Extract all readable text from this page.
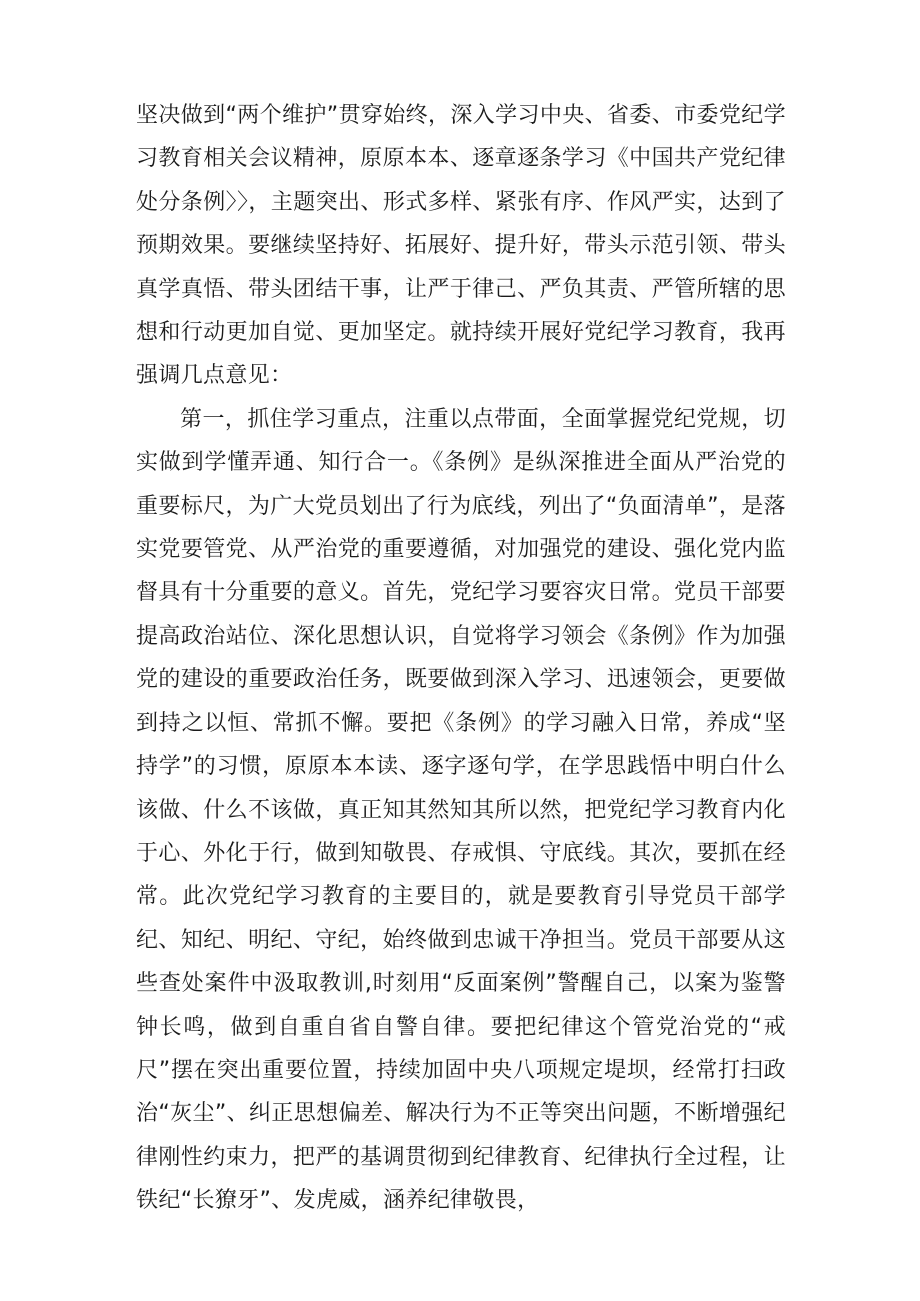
坚决做到“两个维护”贯穿始终，深入学习中央、省委、市委党纪学习教育相关会议精神，原原本本、逐章逐条学习《中国共产党纪律处分条例〉〉，主题突出、形式多样、紧张有序、作风严实，达到了预期效果。要继续坚持好、拓展好、提升好，带头示范引领、带头真学真悟、带头团结干事，让严于律己、严负其责、严管所辖的思想和行动更加自觉、更加坚定。就持续开展好党纪学习教育，我再强调几点意见：

第一，抓住学习重点，注重以点带面，全面掌握党纪党规，切实做到学懂弄通、知行合一。《条例》是纵深推进全面从严治党的重要标尺，为广大党员划出了行为底线，列出了“负面清单”，是落实党要管党、从严治党的重要遵循，对加强党的建设、强化党内监督具有十分重要的意义。首先，党纪学习要容灾日常。党员干部要提高政治站位、深化思想认识，自觉将学习领会《条例》作为加强党的建设的重要政治任务，既要做到深入学习、迅速领会，更要做到持之以恒、常抓不懈。要把《条例》的学习融入日常，养成“坚持学”的习惯，原原本本读、逐字逐句学，在学思践悟中明白什么该做、什么不该做，真正知其然知其所以然，把党纪学习教育内化于心、外化于行，做到知敬畏、存戒惧、守底线。其次，要抓在经常。此次党纪学习教育的主要目的，就是要教育引导党员干部学纪、知纪、明纪、守纪，始终做到忠诚干净担当。党员干部要从这些查处案件中汲取教训,时刻用“反面案例”警醒自己，以案为鉴警钟长鸣，做到自重自省自警自律。要把纪律这个管党治党的“戒尺”摆在突出重要位置，持续加固中央八项规定堤坝，经常打扫政治“灰尘”、纠正思想偏差、解决行为不正等突出问题，不断增强纪律刚性约束力，把严的基调贯彻到纪律教育、纪律执行全过程，让铁纪“长獠牙”、发虎威，涵养纪律敬畏，
